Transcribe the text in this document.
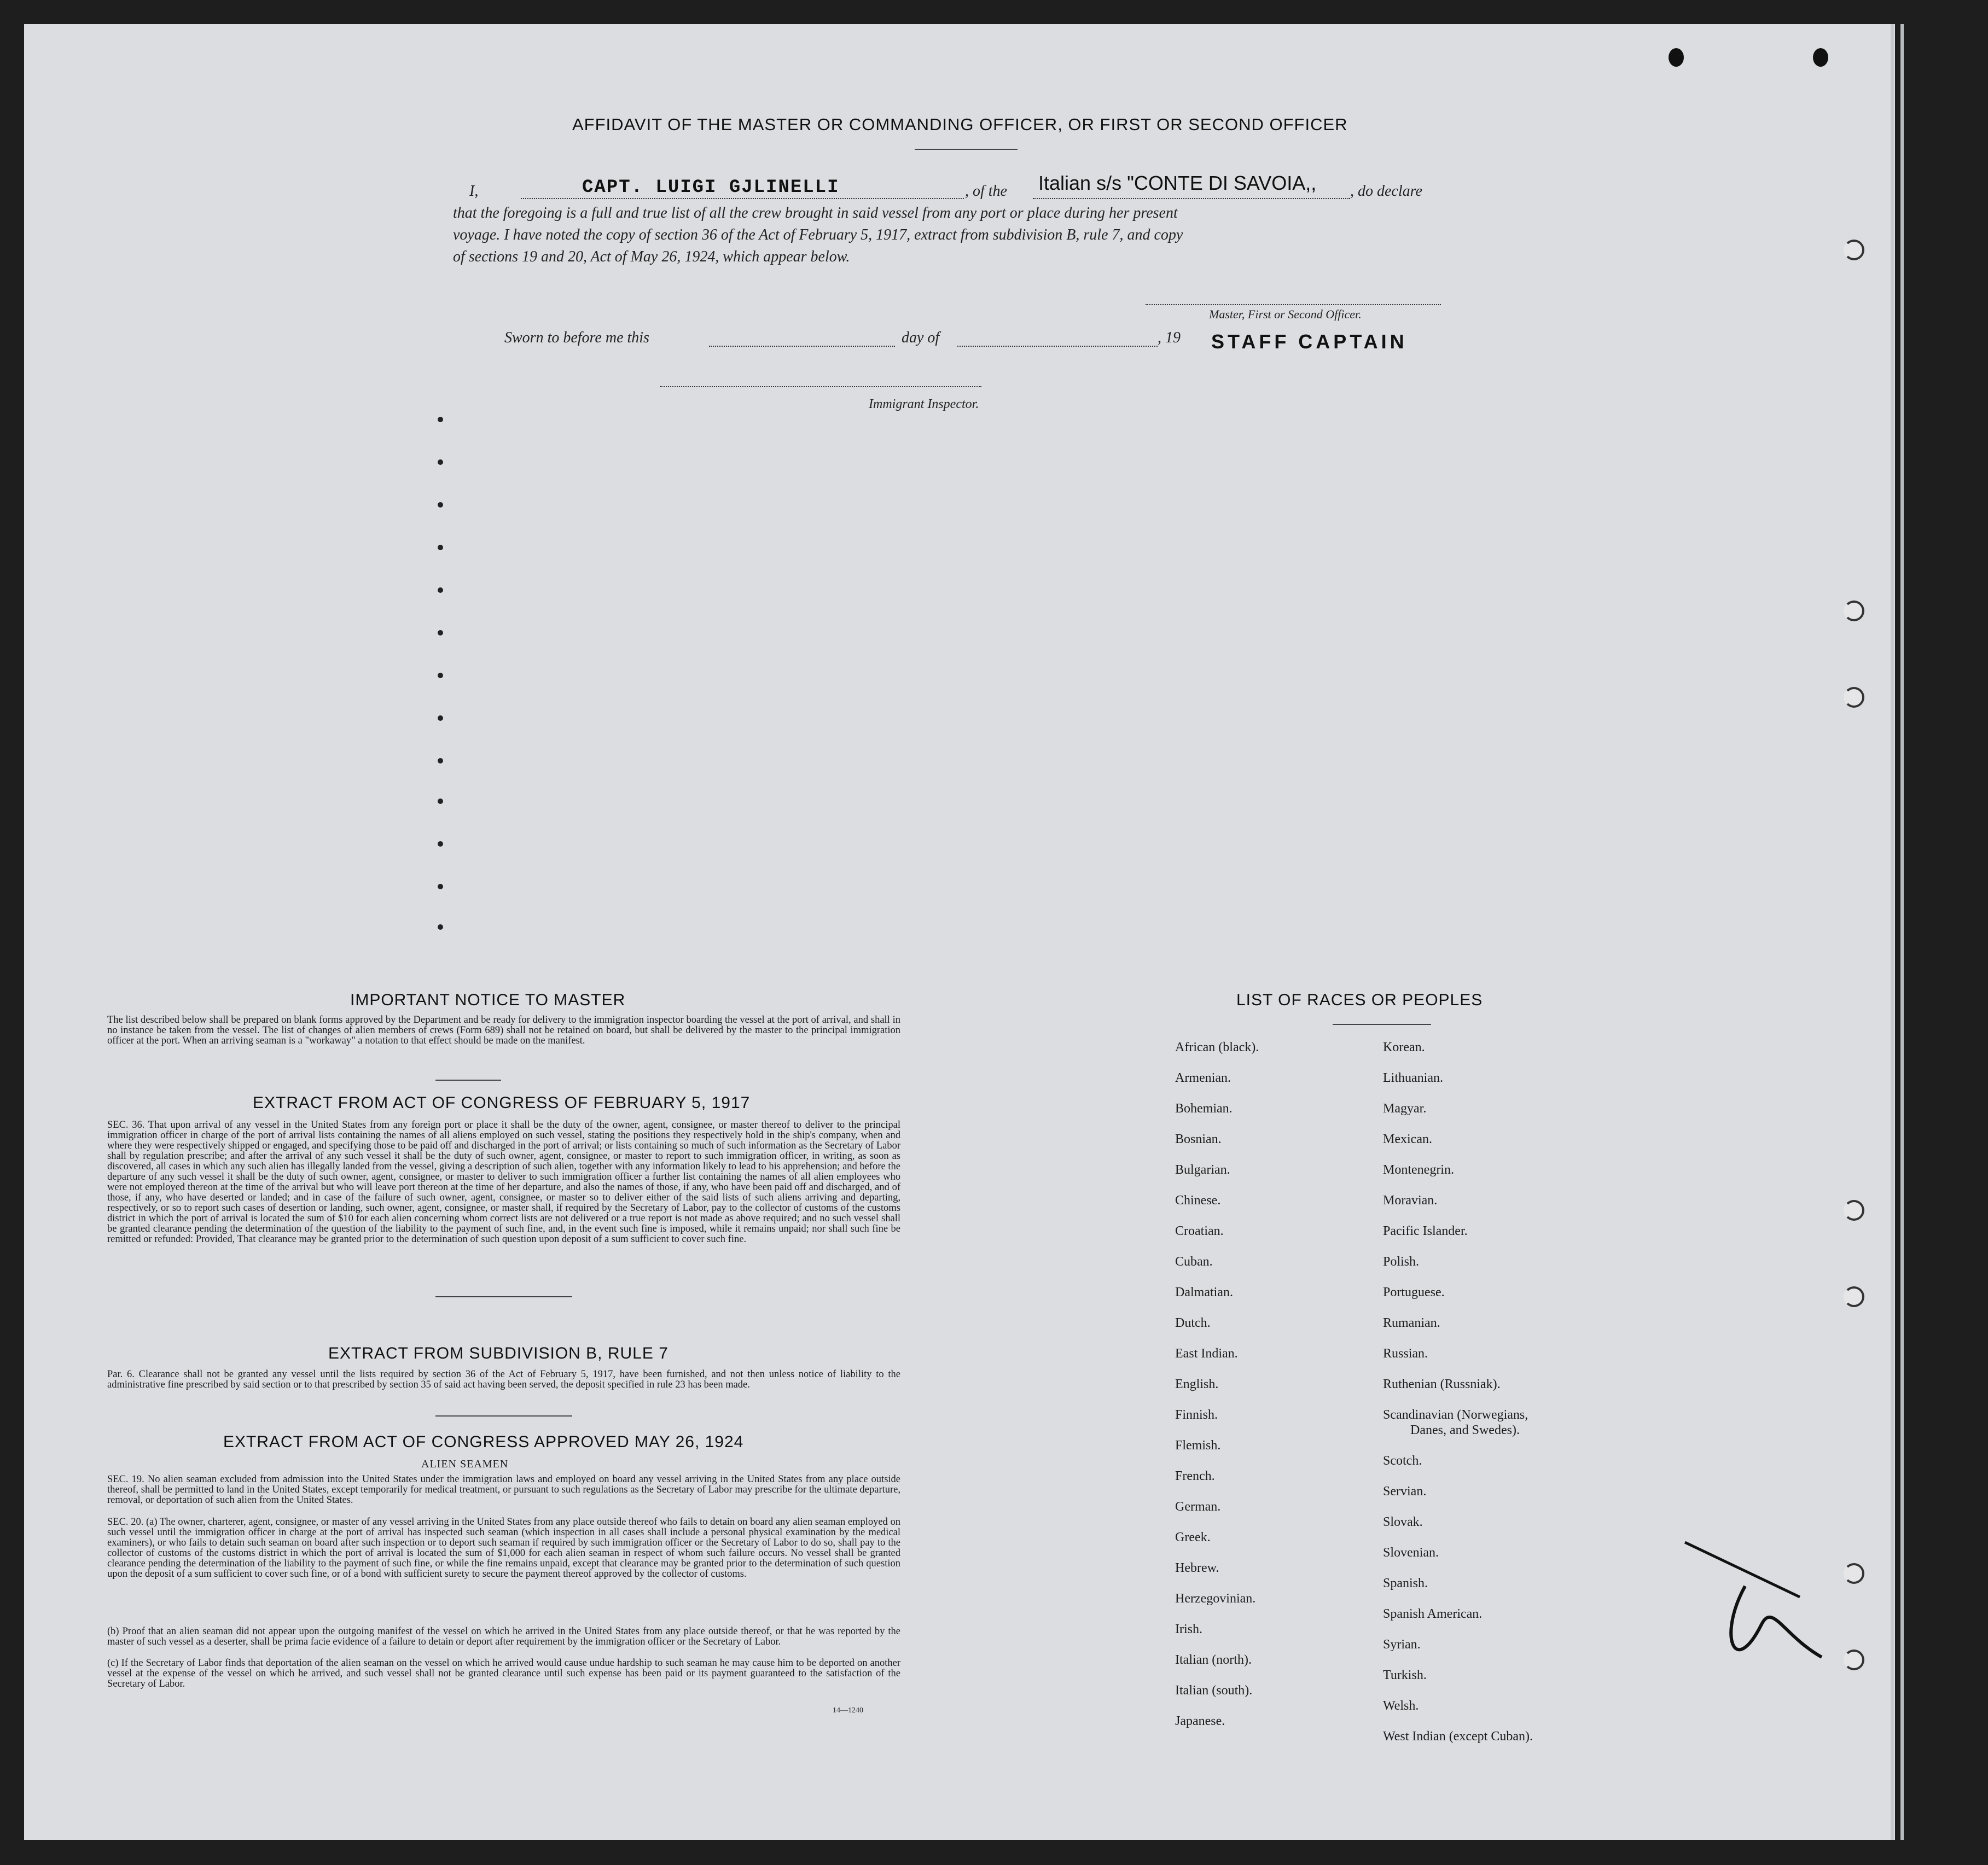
AFFIDAVIT OF THE MASTER OR COMMANDING OFFICER, OR FIRST OR SECOND OFFICER
I,	CAPT. LUIGI GJLINELLI	, of the Italian s/s "CONTE DI SAVOIA,, , do declare
that the foregoing is a full and true list of all the crew brought in said vessel from any port or place during her present
voyage. I have noted the copy of section 36 of the Act of February 5, 1917, extract from subdivision B, rule 7, and copy
of sections 19 and 20, Act of May 26, 1924, which appear below.
Master, First or Second Officer.
Sworn to before me this	day of	, 19 STAFF CAPTAIN
Immigrant Inspector.
IMPORTANT NOTICE TO MASTER
The list described below shall be prepared on blank forms approved by the Department and be ready for delivery to the immigration inspector boarding the vessel at the port of arrival, and shall in no instance be taken from the vessel. The list of changes of alien members of crews (Form 689) shall not be retained on board, but shall be delivered by the master to the principal immigration officer at the port. When an arriving seaman is a "workaway" a notation to that effect should be made on the manifest.
EXTRACT FROM ACT OF CONGRESS OF FEBRUARY 5, 1917
SEC. 36. That upon arrival of any vessel in the United States from any foreign port or place it shall be the duty of the owner, agent, consignee, or master thereof to deliver to the principal immigration officer in charge of the port of arrival lists containing the names of all aliens employed on such vessel, stating the positions they respectively hold in the ship's company, when and where they were respectively shipped or engaged, and specifying those to be paid off and discharged in the port of arrival; or lists containing so much of such information as the Secretary of Labor shall by regulation prescribe; and after the arrival of any such vessel it shall be the duty of such owner, agent, consignee, or master to report to such immigration officer, in writing, as soon as discovered, all cases in which any such alien has illegally landed from the vessel, giving a description of such alien, together with any information likely to lead to his apprehension; and before the departure of any such vessel it shall be the duty of such owner, agent, consignee, or master to deliver to such immigration officer a further list containing the names of all alien employees who were not employed thereon at the time of the arrival but who will leave port thereon at the time of her departure, and also the names of those, if any, who have been paid off and discharged, and of those, if any, who have deserted or landed; and in case of the failure of such owner, agent, consignee, or master so to deliver either of the said lists of such aliens arriving and departing, respectively, or so to report such cases of desertion or landing, such owner, agent, consignee, or master shall, if required by the Secretary of Labor, pay to the collector of customs of the customs district in which the port of arrival is located the sum of $10 for each alien concerning whom correct lists are not delivered or a true report is not made as above required; and no such vessel shall be granted clearance pending the determination of the question of the liability to the payment of such fine, and, in the event such fine is imposed, while it remains unpaid; nor shall such fine be remitted or refunded: Provided, That clearance may be granted prior to the determination of such question upon deposit of a sum sufficient to cover such fine.
EXTRACT FROM SUBDIVISION B, RULE 7
Par. 6. Clearance shall not be granted any vessel until the lists required by section 36 of the Act of February 5, 1917, have been furnished, and not then unless notice of liability to the administrative fine prescribed by said section or to that prescribed by section 35 of said act having been served, the deposit specified in rule 23 has been made.
EXTRACT FROM ACT OF CONGRESS APPROVED MAY 26, 1924
ALIEN SEAMEN
SEC. 19. No alien seaman excluded from admission into the United States under the immigration laws and employed on board any vessel arriving in the United States from any place outside thereof, shall be permitted to land in the United States, except temporarily for medical treatment, or pursuant to such regulations as the Secretary of Labor may prescribe for the ultimate departure, removal, or deportation of such alien from the United States.
SEC. 20. (a) The owner, charterer, agent, consignee, or master of any vessel arriving in the United States from any place outside thereof who fails to detain on board any alien seaman employed on such vessel until the immigration officer in charge at the port of arrival has inspected such seaman (which inspection in all cases shall include a personal physical examination by the medical examiners), or who fails to detain such seaman on board after such inspection or to deport such seaman if required by such immigration officer or the Secretary of Labor to do so, shall pay to the collector of customs of the customs district in which the port of arrival is located the sum of $1,000 for each alien seaman in respect of whom such failure occurs. No vessel shall be granted clearance pending the determination of the liability to the payment of such fine, or while the fine remains unpaid, except that clearance may be granted prior to the determination of such question upon the deposit of a sum sufficient to cover such fine, or of a bond with sufficient surety to secure the payment thereof approved by the collector of customs.
(b) Proof that an alien seaman did not appear upon the outgoing manifest of the vessel on which he arrived in the United States from any place outside thereof, or that he was reported by the master of such vessel as a deserter, shall be prima facie evidence of a failure to detain or deport after requirement by the immigration officer or the Secretary of Labor.
(c) If the Secretary of Labor finds that deportation of the alien seaman on the vessel on which he arrived would cause undue hardship to such seaman he may cause him to be deported on another vessel at the expense of the vessel on which he arrived, and such vessel shall not be granted clearance until such expense has been paid or its payment guaranteed to the satisfaction of the Secretary of Labor.
14—1240
LIST OF RACES OR PEOPLES
African (black).
Armenian.
Bohemian.
Bosnian.
Bulgarian.
Chinese.
Croatian.
Cuban.
Dalmatian.
Dutch.
East Indian.
English.
Finnish.
Flemish.
French.
German.
Greek.
Hebrew.
Herzegovinian.
Irish.
Italian (north).
Italian (south).
Japanese.
Korean.
Lithuanian.
Magyar.
Mexican.
Montenegrin.
Moravian.
Pacific Islander.
Polish.
Portuguese.
Rumanian.
Russian.
Ruthenian (Russniak).
Scandinavian (Norwegians,
Danes, and Swedes).
Scotch.
Servian.
Slovak.
Slovenian.
Spanish.
Spanish American.
Syrian.
Turkish.
Welsh.
West Indian (except Cuban).
